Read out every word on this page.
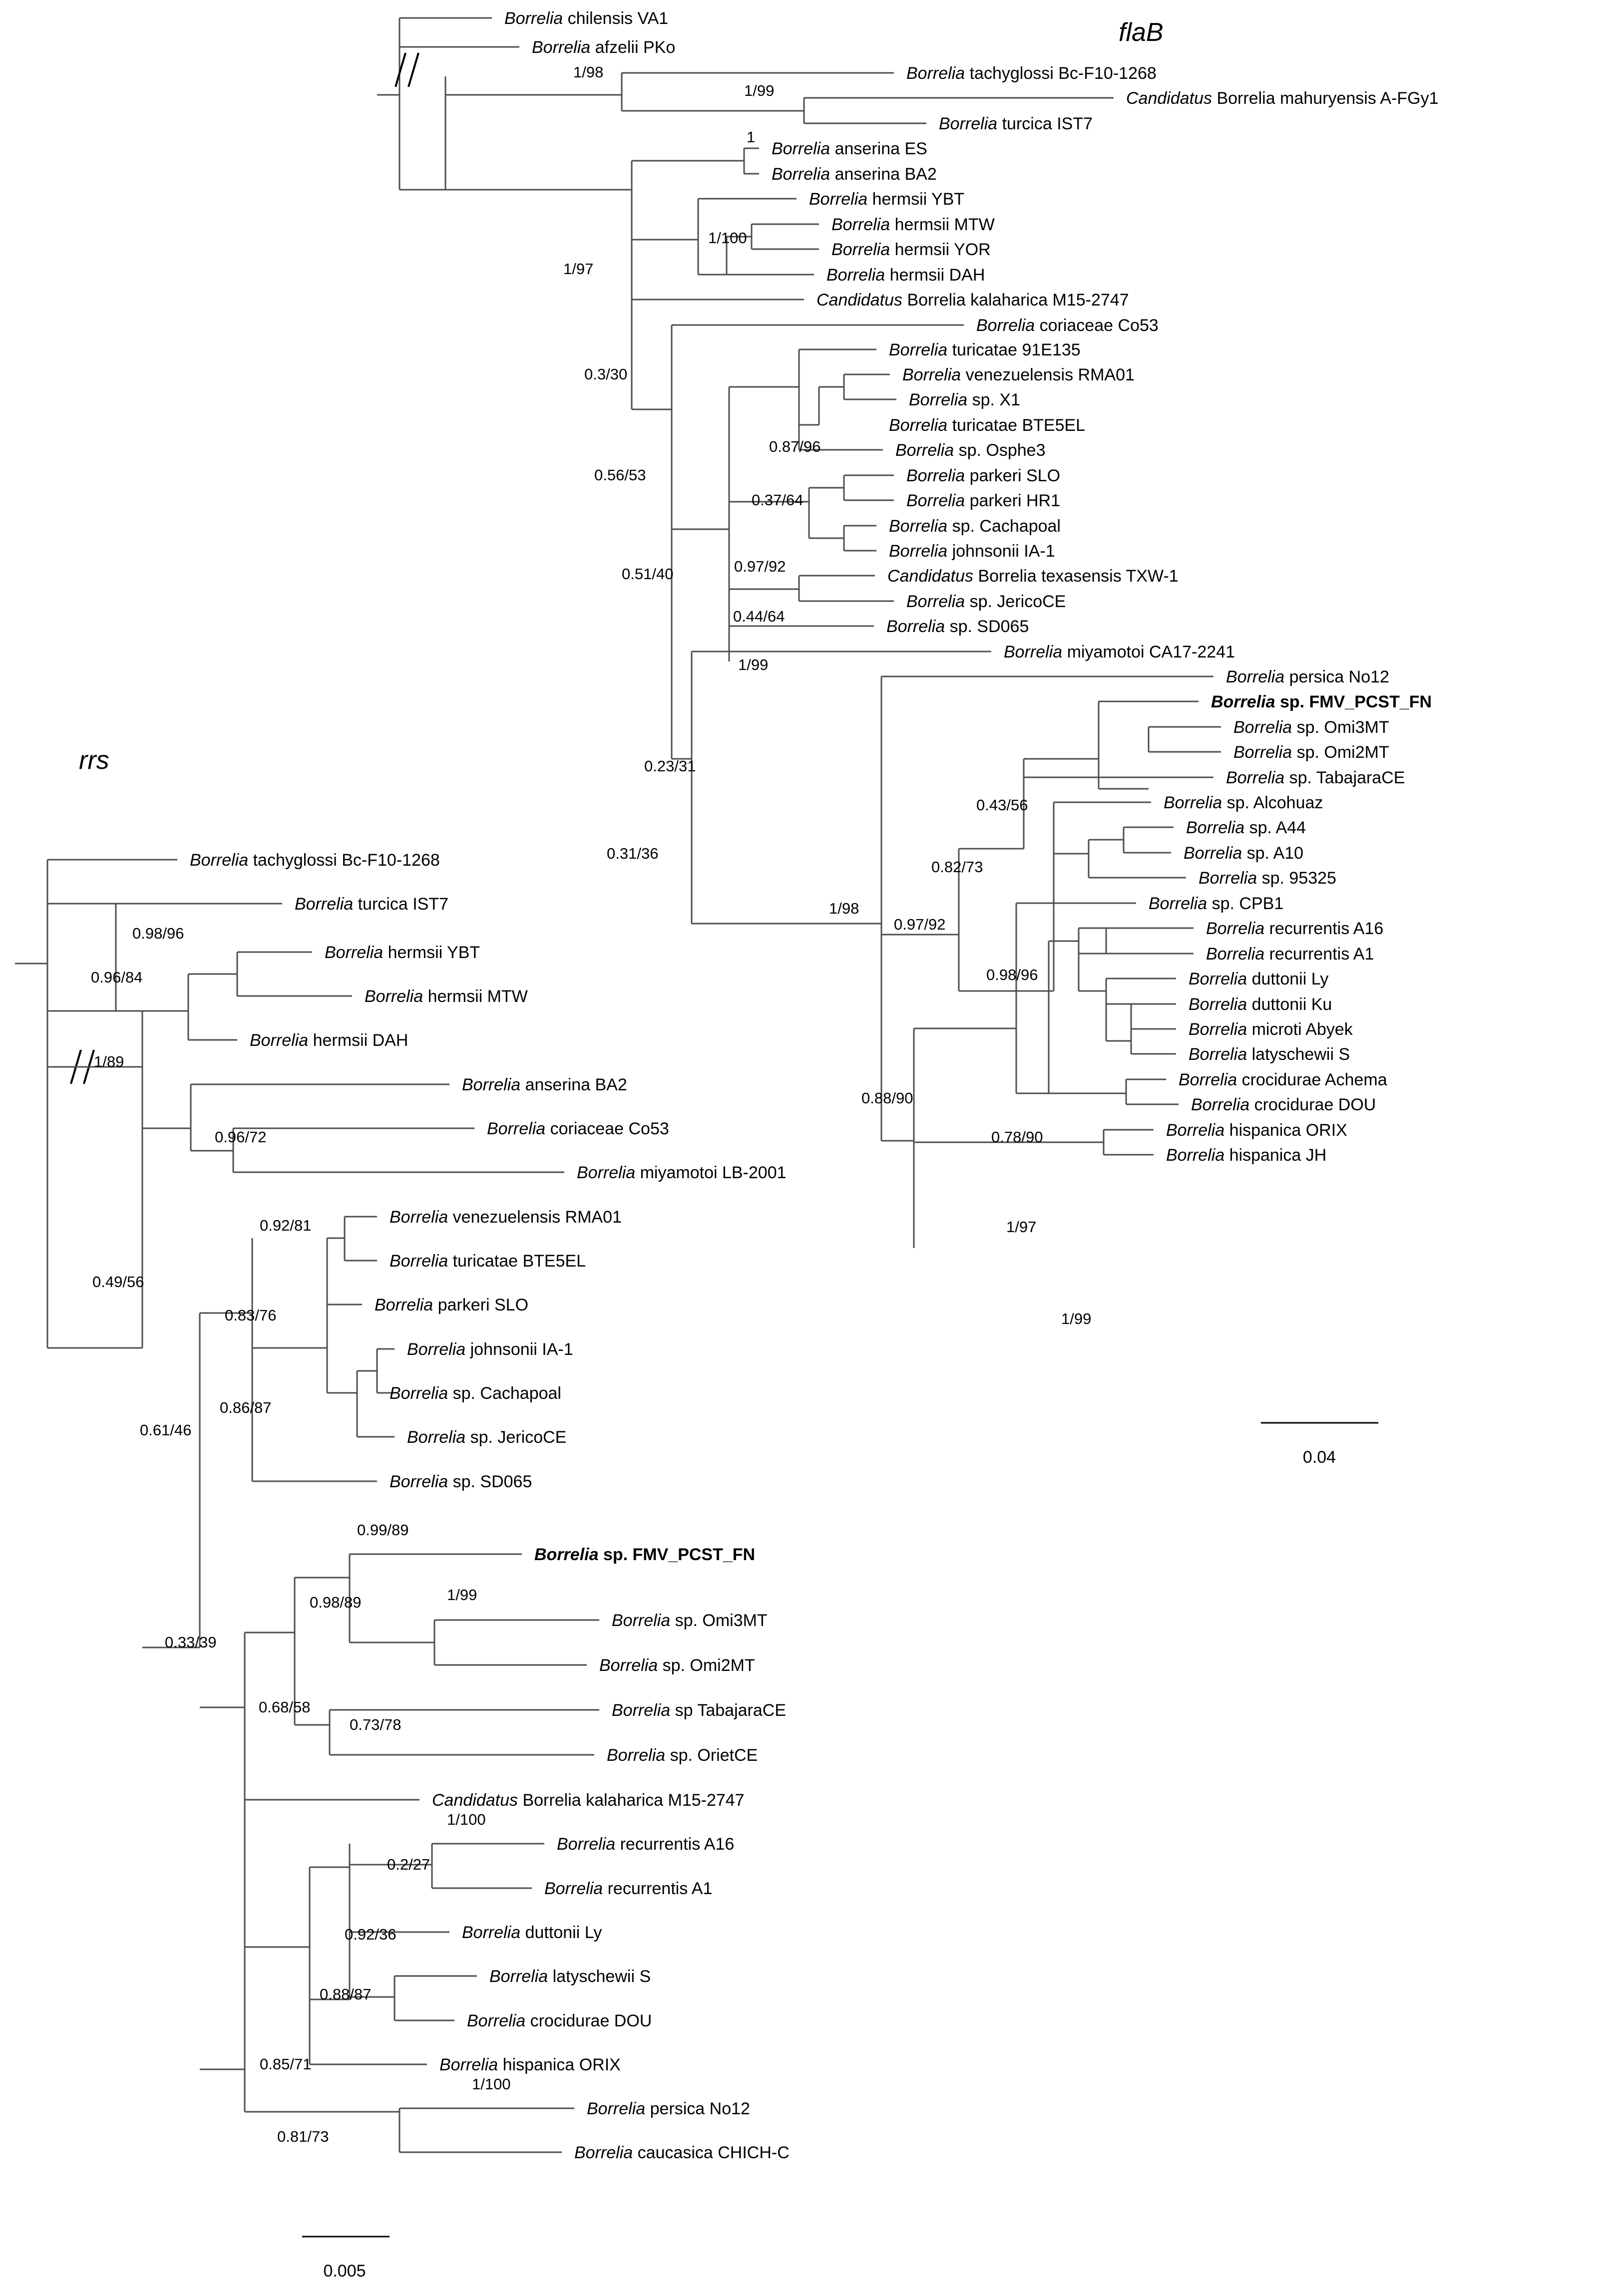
Borrelia chilensis VA1
Borrelia afzelii PKo
Borrelia tachyglossi Bc-F10-1268
Candidatus Borrelia mahuryensis A-FGy1
Borrelia turcica IST7
Borrelia anserina ES
Borrelia anserina BA2
Borrelia hermsii YBT
Borrelia hermsii MTW
Borrelia hermsii YOR
Borrelia hermsii DAH
Candidatus Borrelia kalaharica M15-2747
Borrelia coriaceae Co53
Borrelia turicatae 91E135
Borrelia venezuelensis RMA01
Borrelia sp. X1
Borrelia turicatae BTE5EL
Borrelia sp. Osphe3
Borrelia parkeri SLO
Borrelia parkeri HR1
Borrelia sp. Cachapoal
Borrelia johnsonii IA-1
Candidatus Borrelia texasensis TXW-1
Borrelia sp. JericoCE
Borrelia sp. SD065
Borrelia miyamotoi CA17-2241
Borrelia persica No12
Borrelia sp. FMV_PCST_FN
Borrelia sp. Omi3MT
Borrelia sp. Omi2MT
Borrelia sp. TabajaraCE
Borrelia sp. Alcohuaz
Borrelia sp. A44
Borrelia sp. A10
Borrelia sp. 95325
Borrelia sp. CPB1
Borrelia recurrentis A16
Borrelia recurrentis A1
Borrelia duttonii Ly
Borrelia duttonii Ku
Borrelia microti Abyek
Borrelia latyschewii S
Borrelia crocidurae Achema
Borrelia crocidurae DOU
Borrelia hispanica ORIX
Borrelia hispanica JH
1/98
1/99
1
1/97
1/100
0.3/30
0.56/53
0.87/96
0.37/64
0.97/92
0.51/40
0.44/64
1/99
0.23/31
0.31/36
1/98
0.43/56
0.82/73
0.97/92
0.98/96
0.88/90
0.78/90
1/97
1/99
flaB
0.04
Borrelia tachyglossi Bc-F10-1268
Borrelia turcica IST7
Borrelia hermsii YBT
Borrelia hermsii MTW
Borrelia hermsii DAH
Borrelia anserina BA2
Borrelia coriaceae Co53
Borrelia miyamotoi LB-2001
Borrelia venezuelensis RMA01
Borrelia turicatae BTE5EL
Borrelia parkeri SLO
Borrelia johnsonii IA-1
Borrelia sp. Cachapoal
Borrelia sp. JericoCE
Borrelia sp. SD065
Borrelia sp. FMV_PCST_FN
Borrelia sp. Omi3MT
Borrelia sp. Omi2MT
Borrelia sp TabajaraCE
Borrelia sp. OrietCE
Candidatus Borrelia kalaharica M15-2747
Borrelia recurrentis A16
Borrelia recurrentis A1
Borrelia duttonii Ly
Borrelia latyschewii S
Borrelia crocidurae DOU
Borrelia hispanica ORIX
Borrelia persica No12
Borrelia caucasica CHICH-C
0.98/96
0.96/84
1/89
0.96/72
0.49/56
0.92/81
0.83/76
0.86/87
0.61/46
0.99/89
1/99
0.98/89
0.73/78
0.68/58
0.33/39
1/100
0.2/27
0.92/36
0.88/87
0.85/71
0.81/73
1/100
rrs
0.005
